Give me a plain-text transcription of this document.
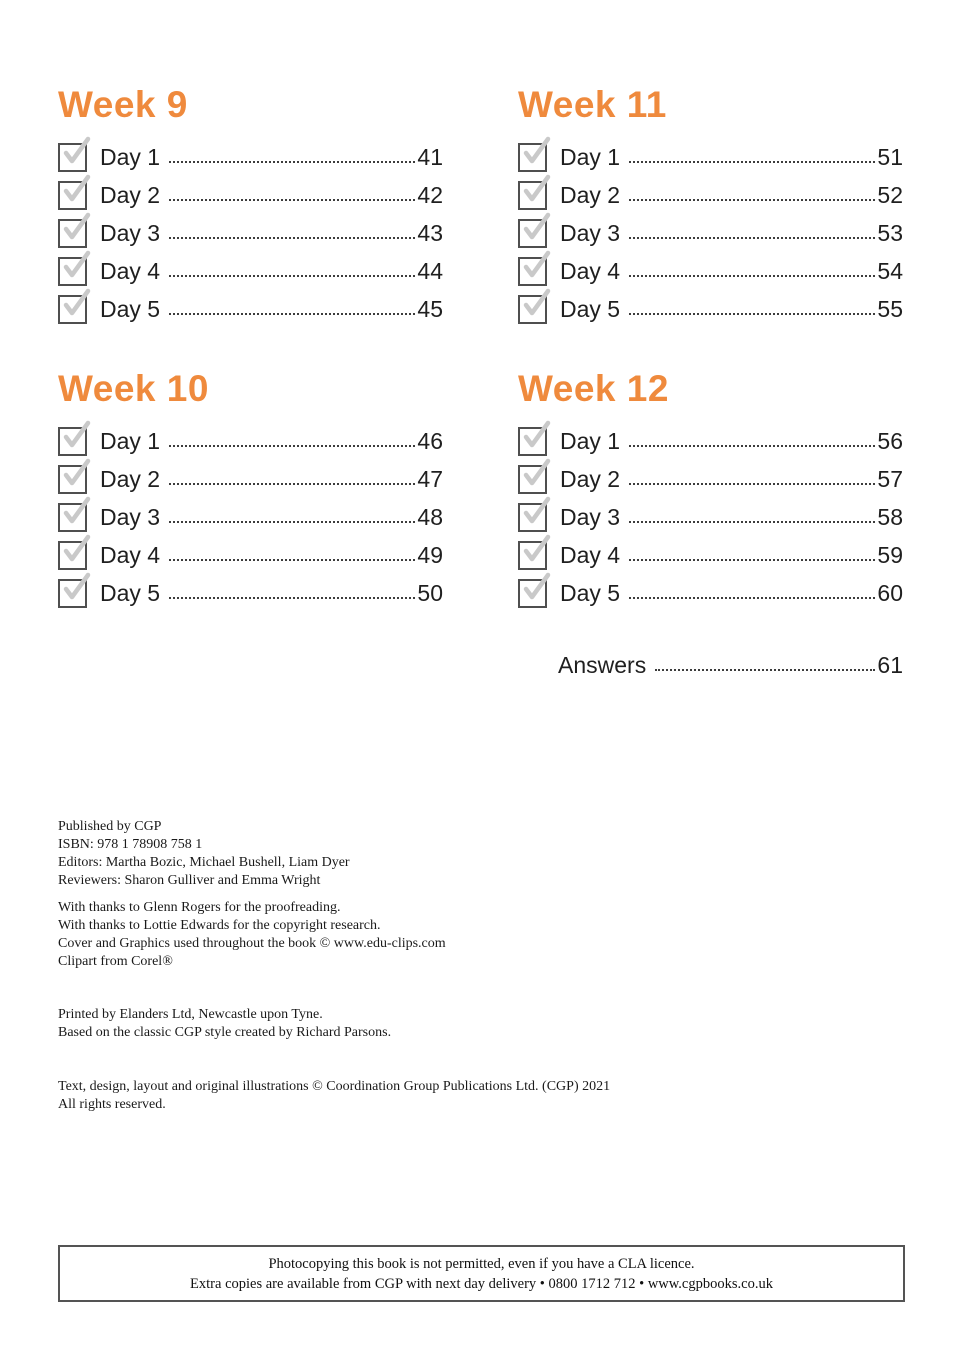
Week 9
Day 1	41
Day 2	42
Day 3	43
Day 4	44
Day 5	45
Week 11
Day 1	51
Day 2	52
Day 3	53
Day 4	54
Day 5	55
Week 10
Day 1	46
Day 2	47
Day 3	48
Day 4	49
Day 5	50
Week 12
Day 1	56
Day 2	57
Day 3	58
Day 4	59
Day 5	60
Answers	61

Published by CGP

ISBN: 978 1 78908 758 1

Editors: Martha Bozic, Michael Bushell, Liam Dyer

Reviewers: Sharon Gulliver and Emma Wright

With thanks to Glenn Rogers for the proofreading.

With thanks to Lottie Edwards for the copyright research.

Cover and Graphics used throughout the book © www.edu-clips.com

Clipart from Corel®

Printed by Elanders Ltd, Newcastle upon Tyne.

Based on the classic CGP style created by Richard Parsons.

Text, design, layout and original illustrations © Coordination Group Publications Ltd. (CGP) 2021

All rights reserved.

Photocopying this book is not permitted, even if you have a CLA licence.
Extra copies are available from CGP with next day delivery • 0800 1712 712 • www.cgpbooks.co.uk
